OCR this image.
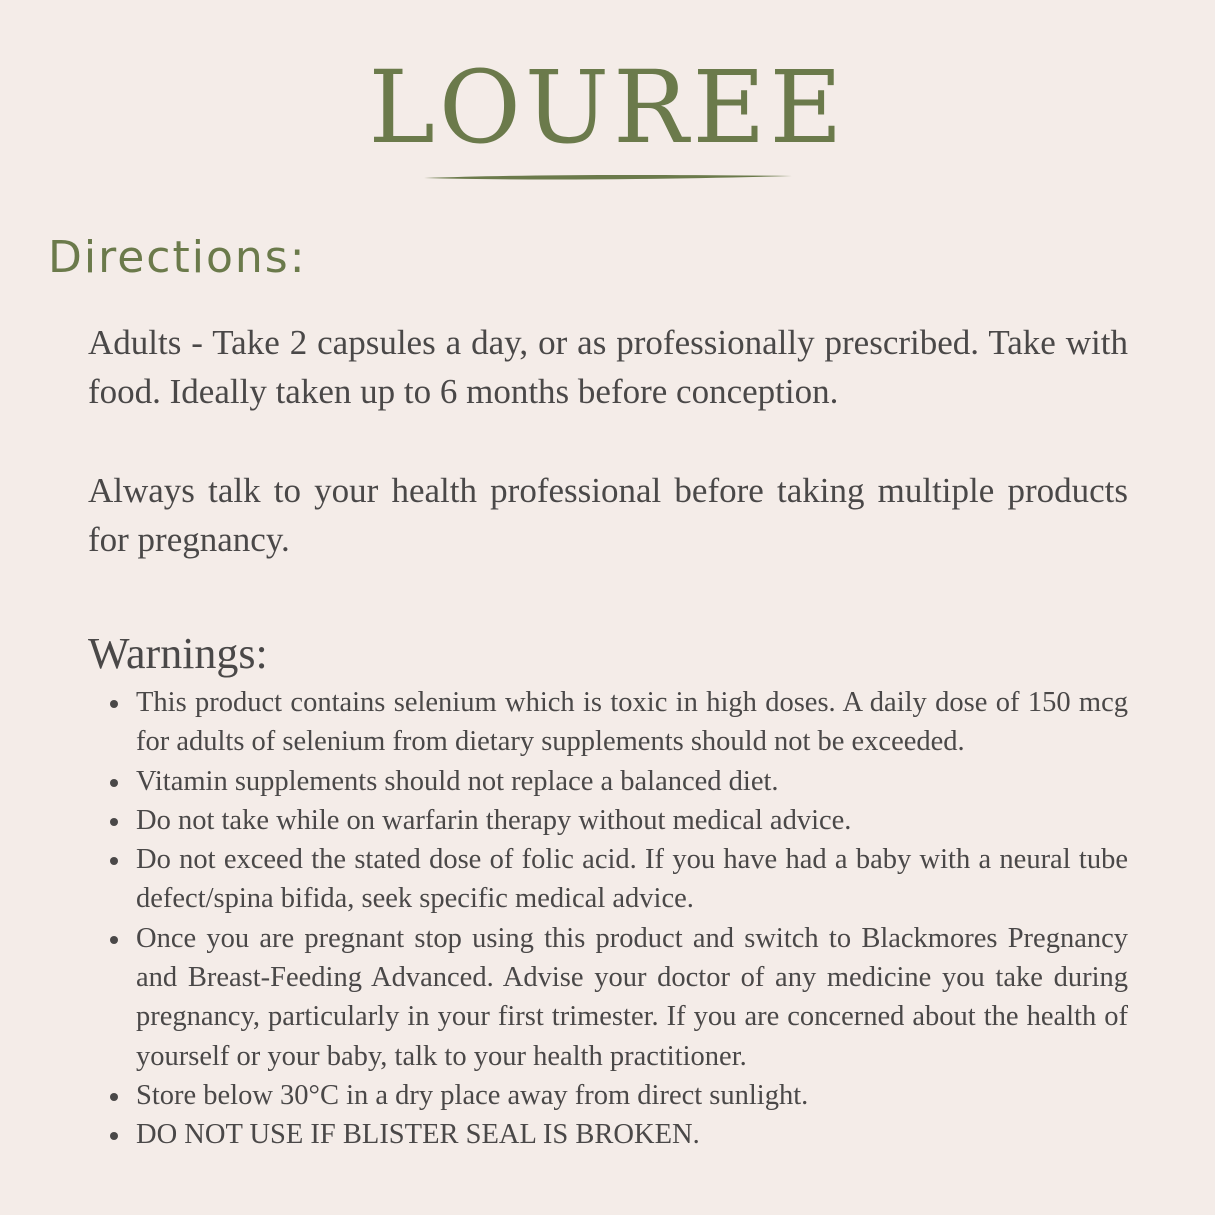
LOUREE
Directions:

Adults - Take 2 capsules a day, or as professionally prescribed. Take with food. Ideally taken up to 6 months before conception.

Always talk to your health professional before taking multiple products for pregnancy.

Warnings:
This product contains selenium which is toxic in high doses. A daily dose of 150 mcg for adults of selenium from dietary supplements should not be exceeded.
Vitamin supplements should not replace a balanced diet.
Do not take while on warfarin therapy without medical advice.
Do not exceed the stated dose of folic acid. If you have had a baby with a neural tube defect/spina bifida, seek specific medical advice.
Once you are pregnant stop using this product and switch to Blackmores Pregnancy and Breast-Feeding Advanced. Advise your doctor of any medicine you take during pregnancy, particularly in your first trimester. If you are concerned about the health of yourself or your baby, talk to your health practitioner.
Store below 30°C in a dry place away from direct sunlight.
DO NOT USE IF BLISTER SEAL IS BROKEN.
